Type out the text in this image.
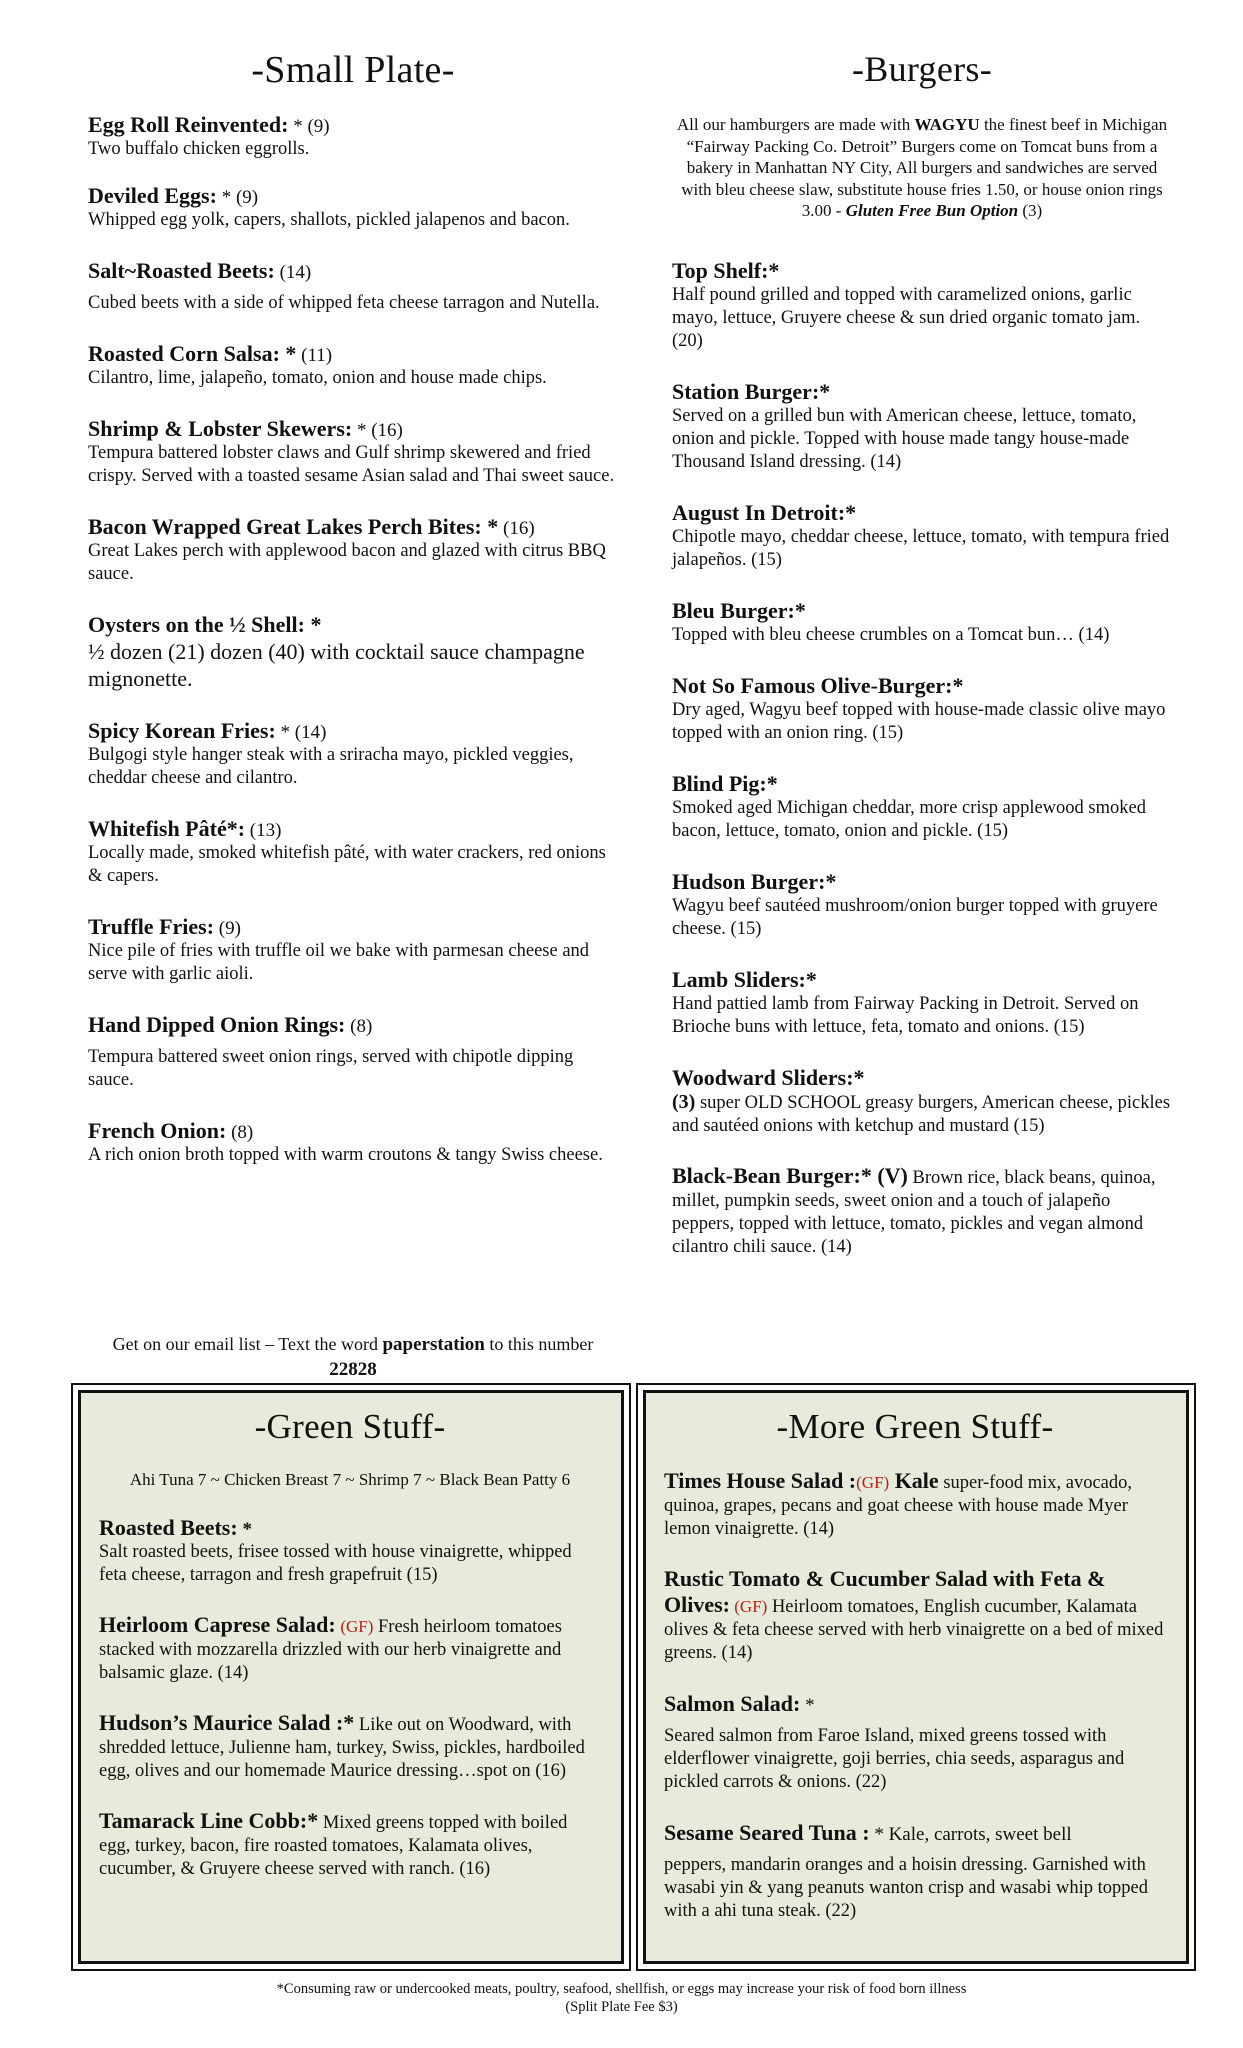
-Small Plate-
Egg Roll Reinvented: * (9)
Two buffalo chicken eggrolls.
Deviled Eggs: * (9)
Whipped egg yolk, capers, shallots, pickled jalapenos and bacon.
Salt~Roasted Beets: (14)
Cubed beets with a side of whipped feta cheese tarragon and Nutella.
Roasted Corn Salsa: * (11)
Cilantro, lime, jalapeño, tomato, onion and house made chips.
Shrimp & Lobster Skewers: * (16)
Tempura battered lobster claws and Gulf shrimp skewered and fried crispy. Served with a toasted sesame Asian salad and Thai sweet sauce.
Bacon Wrapped Great Lakes Perch Bites: * (16)
Great Lakes perch with applewood bacon and glazed with citrus BBQ sauce.
Oysters on the ½ Shell: *
½ dozen (21) dozen (40) with cocktail sauce champagne mignonette.
Spicy Korean Fries: * (14)
Bulgogi style hanger steak with a sriracha mayo, pickled veggies, cheddar cheese and cilantro.
Whitefish Pâté*: (13)
Locally made, smoked whitefish pâté, with water crackers, red onions & capers.
Truffle Fries: (9)
Nice pile of fries with truffle oil we bake with parmesan cheese and serve with garlic aioli.
Hand Dipped Onion Rings: (8)
Tempura battered sweet onion rings, served with chipotle dipping sauce.
French Onion: (8)
A rich onion broth topped with warm croutons & tangy Swiss cheese.
Get on our email list – Text the word paperstation to this number 22828
-Burgers-
All our hamburgers are made with WAGYU the finest beef in Michigan “Fairway Packing Co. Detroit” Burgers come on Tomcat buns from a bakery in Manhattan NY City, All burgers and sandwiches are served with bleu cheese slaw, substitute house fries 1.50, or house onion rings 3.00 - Gluten Free Bun Option (3)
Top Shelf:*
Half pound grilled and topped with caramelized onions, garlic mayo, lettuce, Gruyere cheese & sun dried organic tomato jam. (20)
Station Burger:*
Served on a grilled bun with American cheese, lettuce, tomato, onion and pickle. Topped with house made tangy house-made Thousand Island dressing. (14)
August In Detroit:*
Chipotle mayo, cheddar cheese, lettuce, tomato, with tempura fried jalapeños. (15)
Bleu Burger:*
Topped with bleu cheese crumbles on a Tomcat bun… (14)
Not So Famous Olive-Burger:*
Dry aged, Wagyu beef topped with house-made classic olive mayo topped with an onion ring. (15)
Blind Pig:*
Smoked aged Michigan cheddar, more crisp applewood smoked bacon, lettuce, tomato, onion and pickle. (15)
Hudson Burger:*
Wagyu beef sautéed mushroom/onion burger topped with gruyere cheese. (15)
Lamb Sliders:*
Hand pattied lamb from Fairway Packing in Detroit. Served on Brioche buns with lettuce, feta, tomato and onions. (15)
Woodward Sliders:*
(3) super OLD SCHOOL greasy burgers, American cheese, pickles and sautéed onions with ketchup and mustard (15)
Black-Bean Burger:* (V) Brown rice, black beans, quinoa, millet, pumpkin seeds, sweet onion and a touch of jalapeño peppers, topped with lettuce, tomato, pickles and vegan almond cilantro chili sauce. (14)
-Green Stuff-
Ahi Tuna 7 ~ Chicken Breast 7 ~ Shrimp 7 ~ Black Bean Patty 6
Roasted Beets: *
Salt roasted beets, frisee tossed with house vinaigrette, whipped feta cheese, tarragon and fresh grapefruit (15)
Heirloom Caprese Salad: (GF) Fresh heirloom tomatoes stacked with mozzarella drizzled with our herb vinaigrette and balsamic glaze. (14)
Hudson’s Maurice Salad :* Like out on Woodward, with shredded lettuce, Julienne ham, turkey, Swiss, pickles, hardboiled egg, olives and our homemade Maurice dressing…spot on (16)
Tamarack Line Cobb:* Mixed greens topped with boiled egg, turkey, bacon, fire roasted tomatoes, Kalamata olives, cucumber, & Gruyere cheese served with ranch. (16)
-More Green Stuff-
Times House Salad :(GF) Kale super-food mix, avocado, quinoa, grapes, pecans and goat cheese with house made Myer lemon vinaigrette. (14)
Rustic Tomato & Cucumber Salad with Feta & Olives: (GF) Heirloom tomatoes, English cucumber, Kalamata olives & feta cheese served with herb vinaigrette on a bed of mixed greens. (14)
Salmon Salad: *
Seared salmon from Faroe Island, mixed greens tossed with elderflower vinaigrette, goji berries, chia seeds, asparagus and pickled carrots & onions. (22)
Sesame Seared Tuna : * Kale, carrots, sweet bell
peppers, mandarin oranges and a hoisin dressing. Garnished with wasabi yin & yang peanuts wanton crisp and wasabi whip topped with a ahi tuna steak. (22)
*Consuming raw or undercooked meats, poultry, seafood, shellfish, or eggs may increase your risk of food born illness
(Split Plate Fee $3)
